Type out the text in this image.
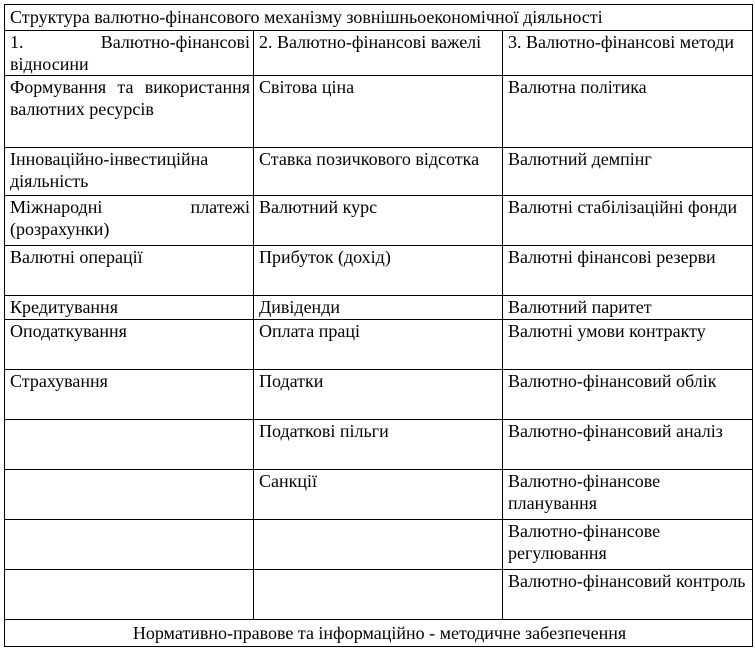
Структура валютно-фінансового механізму зовнішньоекономічної діяльності		
1. Валютно-фінансові відносини	2. Валютно-фінансові важелі	3. Валютно-фінансові методи
Формування та використання валютних ресурсів	Світова ціна	Валютна політика
Інноваційно-інвестиційна діяльність	Ставка позичкового відсотка	Валютний демпінг
Міжнародні платежі (розрахунки)	Валютний курс	Валютні стабілізаційні фонди
Валютні операції	Прибуток (дохід)	Валютні фінансові резерви
Кредитування	Дивіденди	Валютний паритет
Оподаткування	Оплата праці	Валютні умови контракту
Страхування	Податки	Валютно-фінансовий облік
	Податкові пільги	Валютно-фінансовий аналіз
	Санкції	Валютно-фінансове планування
		Валютно-фінансове регулювання
		Валютно-фінансовий контроль
Нормативно-правове та інформаційно - методичне забезпечення		
